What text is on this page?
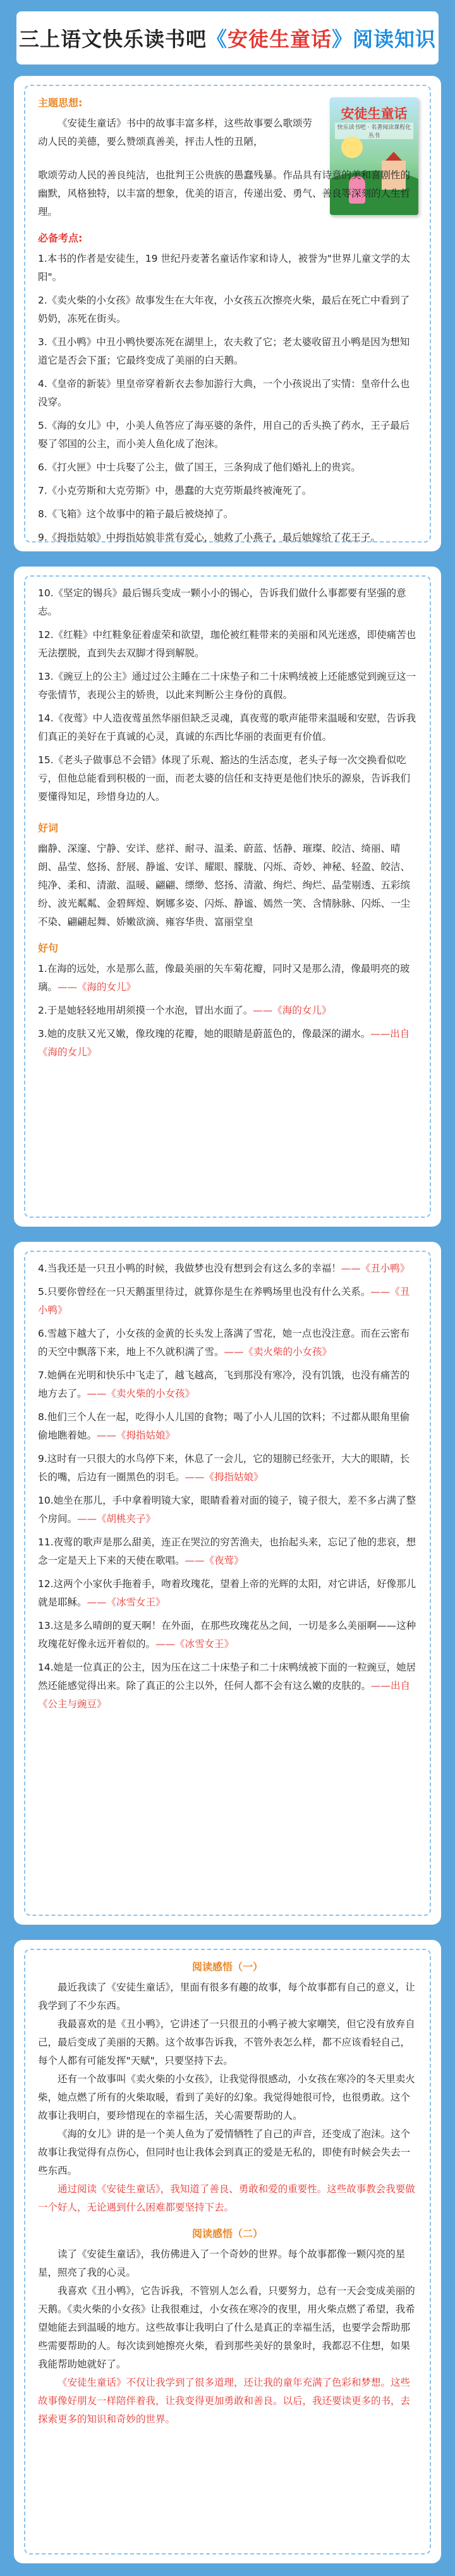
三上语文快乐读书吧《安徒生童话》阅读知识
安徒生童话
快乐读书吧 · 名著阅读课程化丛书

主题思想:

《安徒生童话》书中的故事丰富多样，这些故事要么歌颂劳动人民的美德，要么赞颂真善美，抨击人性的丑陋，

歌颂劳动人民的善良纯洁，也批判王公贵族的愚蠢残暴。作品具有诗意的美和喜剧性的幽默，风格独特，以丰富的想象，优美的语言，传递出爱、勇气、善良等深刻的人生哲理。

必备考点:

1.本书的作者是安徒生，19 世纪丹麦著名童话作家和诗人，被誉为"世界儿童文学的太阳"。

2.《卖火柴的小女孩》故事发生在大年夜，小女孩五次擦亮火柴，最后在死亡中看到了奶奶，冻死在街头。

3.《丑小鸭》中丑小鸭快要冻死在湖里上，农夫救了它；老太婆收留丑小鸭是因为想知道它是否会下蛋；它最终变成了美丽的白天鹅。

4.《皇帝的新装》里皇帝穿着新衣去参加游行大典，一个小孩说出了实情：皇帝什么也没穿。

5.《海的女儿》中，小美人鱼答应了海巫婆的条件，用自己的舌头换了药水，王子最后娶了邻国的公主，而小美人鱼化成了泡沫。

6.《打火匣》中士兵娶了公主，做了国王，三条狗成了他们婚礼上的贵宾。

7.《小克劳斯和大克劳斯》中，愚蠢的大克劳斯最终被淹死了。

8.《飞箱》这个故事中的箱子最后被烧掉了。

9.《拇指姑娘》中拇指姑娘非常有爱心，她救了小燕子，最后她嫁给了花王子。

10.《坚定的锡兵》最后锡兵变成一颗小小的锡心，告诉我们做什么事都要有坚强的意志。

12.《红鞋》中红鞋象征着虚荣和欲望，珈伦被红鞋带来的美丽和风光迷惑，即使痛苦也无法摆脱，直到失去双脚才得到解脱。

13.《豌豆上的公主》通过过公主睡在二十床垫子和二十床鸭绒被上还能感觉到豌豆这一夸张情节，表现公主的娇贵，以此来判断公主身份的真假。

14.《夜莺》中人造夜莺虽然华丽但缺乏灵魂，真夜莺的歌声能带来温暖和安慰，告诉我们真正的美好在于真诚的心灵，真诚的东西比华丽的表面更有价值。

15.《老头子做事总不会错》体现了乐观、豁达的生活态度，老头子每一次交换看似吃亏，但他总能看到积极的一面，而老太婆的信任和支持更是他们快乐的源泉，告诉我们要懂得知足，珍惜身边的人。

好词

幽静、深邃、宁静、安详、慈祥、耐寻、温柔、蔚蓝、恬静、璀璨、皎洁、绮丽、晴朗、晶莹、悠扬、舒展、静谧、安详、耀眼、朦胧、闪烁、奇妙、神秘、轻盈、皎洁、纯净、柔和、清澈、温暖、翩翩、缥缈、悠扬、清澈、绚烂、绚烂、晶莹剔透、五彩缤纷、波光粼粼、金碧辉煌、婀娜多姿、闪烁、静谧、嫣然一笑、含情脉脉、闪烁、一尘不染、翩翩起舞、娇嫩欲滴、雍容华贵、富丽堂皇

好句

1.在海的远处，水是那么蓝，像最美丽的矢车菊花瓣，同时又是那么清，像最明亮的玻璃。——《海的女儿》

2.于是她轻轻地用胡须摸一个水泡，冒出水面了。——《海的女儿》

3.她的皮肤又光又嫩，像玫瑰的花瓣，她的眼睛是蔚蓝色的，像最深的湖水。——出自《海的女儿》

4.当我还是一只丑小鸭的时候，我做梦也没有想到会有这么多的幸福！——《丑小鸭》

5.只要你曾经在一只天鹅蛋里待过，就算你是生在养鸭场里也没有什么关系。——《丑小鸭》

6.雪越下越大了，小女孩的金黄的长头发上落满了雪花，她一点也没注意。而在云密布的天空中飘落下来，地上不久就积满了雪。——《卖火柴的小女孩》

7.她俩在光明和快乐中飞走了，越飞越高，飞到那没有寒冷，没有饥饿，也没有痛苦的地方去了。——《卖火柴的小女孩》

8.他们三个人在一起，吃得小人儿国的食物；喝了小人儿国的饮料；不过都从眼角里偷偷地瞧着她。——《拇指姑娘》

9.这时有一只很大的水鸟停下来，休息了一会儿，它的翅膀已经张开，大大的眼睛，长长的嘴，后边有一圈黑色的羽毛。——《拇指姑娘》

10.她坐在那儿，手中拿着明镜大家，眼睛看着对面的镜子，镜子很大，差不多占满了整个房间。——《胡桃夹子》

11.夜莺的歌声是那么甜美，连正在哭泣的穷苦渔夫，也抬起头来，忘记了他的悲哀，想念一定是天上下来的天使在歌唱。——《夜莺》

12.这两个小家伙手拖着手，吻着玫瑰花，望着上帝的光辉的太阳，对它讲话，好像那儿就是耶稣。——《冰雪女王》

13.这是多么晴朗的夏天啊！在外面，在那些玫瑰花丛之间，一切是多么美丽啊——这种玫瑰花好像永远开着似的。——《冰雪女王》

14.她是一位真正的公主，因为压在这二十床垫子和二十床鸭绒被下面的一粒豌豆，她居然还能感觉得出来。除了真正的公主以外，任何人都不会有这么嫩的皮肤的。——出自《公主与豌豆》

阅读感悟（一）

最近我读了《安徒生童话》，里面有很多有趣的故事，每个故事都有自己的意义，让我学到了不少东西。

我最喜欢的是《丑小鸭》，它讲述了一只很丑的小鸭子被大家嘲笑，但它没有放弃自己，最后变成了美丽的天鹅。这个故事告诉我，不管外表怎么样，都不应该看轻自己，每个人都有可能发挥"天赋"，只要坚持下去。

还有一个故事叫《卖火柴的小女孩》，让我觉得很感动，小女孩在寒冷的冬天里卖火柴，她点燃了所有的火柴取暖，看到了美好的幻象。我觉得她很可怜，也很勇敢。这个故事让我明白，要珍惜现在的幸福生活，关心需要帮助的人。

《海的女儿》讲的是一个美人鱼为了爱情牺牲了自己的声音，还变成了泡沫。这个故事让我觉得有点伤心，但同时也让我体会到真正的爱是无私的，即使有时候会失去一些东西。

通过阅读《安徒生童话》，我知道了善良、勇敢和爱的重要性。这些故事教会我要做一个好人，无论遇到什么困难都要坚持下去。

阅读感悟（二）

读了《安徒生童话》，我仿佛进入了一个奇妙的世界。每个故事都像一颗闪亮的星星，照亮了我的心灵。

我喜欢《丑小鸭》，它告诉我，不管别人怎么看，只要努力，总有一天会变成美丽的天鹅。《卖火柴的小女孩》让我很难过，小女孩在寒冷的夜里，用火柴点燃了希望，我希望她能去到温暖的地方。这些故事让我明白了什么是真正的幸福生活，也要学会帮助那些需要帮助的人。每次读到她擦亮火柴，看到那些美好的景象时，我都忍不住想，如果我能帮助她就好了。

《安徒生童话》不仅让我学到了很多道理，还让我的童年充满了色彩和梦想。这些故事像好朋友一样陪伴着我，让我变得更加勇敢和善良。以后，我还要读更多的书，去探索更多的知识和奇妙的世界。
